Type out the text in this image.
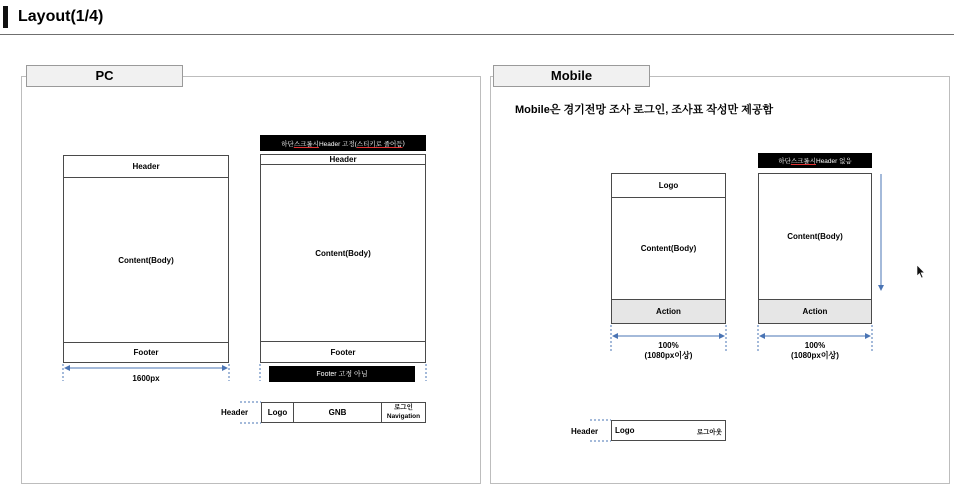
Layout(1/4)
PC	Mobile
Header
Content(Body)
Footer
1600px
하단 스크롤시 Header 고정( 스티키로 줄어듬 )
Header
Content(Body)
Footer
Footer 고정 아님
Header	Logo	GNB
로그인
Navigation
Mobile은 경기전망 조사 로그인, 조사표 작성만 제공함
Logo
Content(Body)
Action
100%
(1080px이상)
하단 스크롤시 Header 없음
Content(Body)
Action
100%
(1080px이상)
Header Logo	로그아웃
